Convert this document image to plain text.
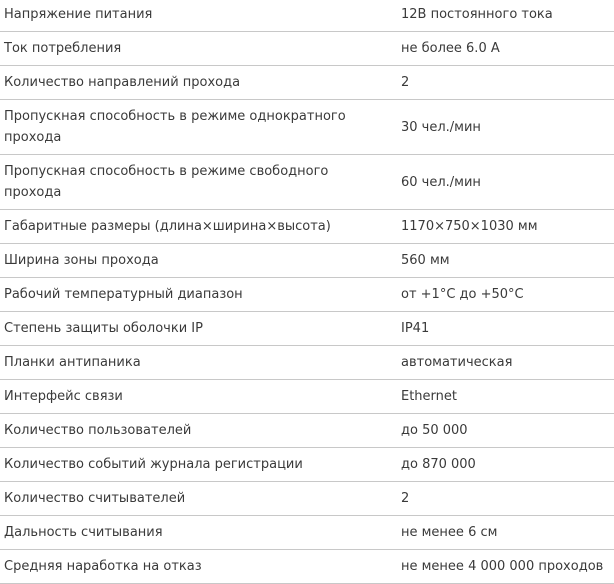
Напряжение питания	12В постоянного тока
Ток потребления	не более 6.0 А
Количество направлений прохода	2
Пропускная способность в режиме однократного прохода	30 чел./мин
Пропускная способность в режиме свободного прохода	60 чел./мин
Габаритные размеры (длина×ширина×высота)	1170×750×1030 мм
Ширина зоны прохода	560 мм
Рабочий температурный диапазон	от +1°С до +50°С
Степень защиты оболочки IP	IP41
Планки антипаника	автоматическая
Интерфейс связи	Ethernet
Количество пользователей	до 50 000
Количество событий журнала регистрации	до 870 000
Количество считывателей	2
Дальность считывания	не менее 6 см
Средняя наработка на отказ	не менее 4 000 000 проходов
